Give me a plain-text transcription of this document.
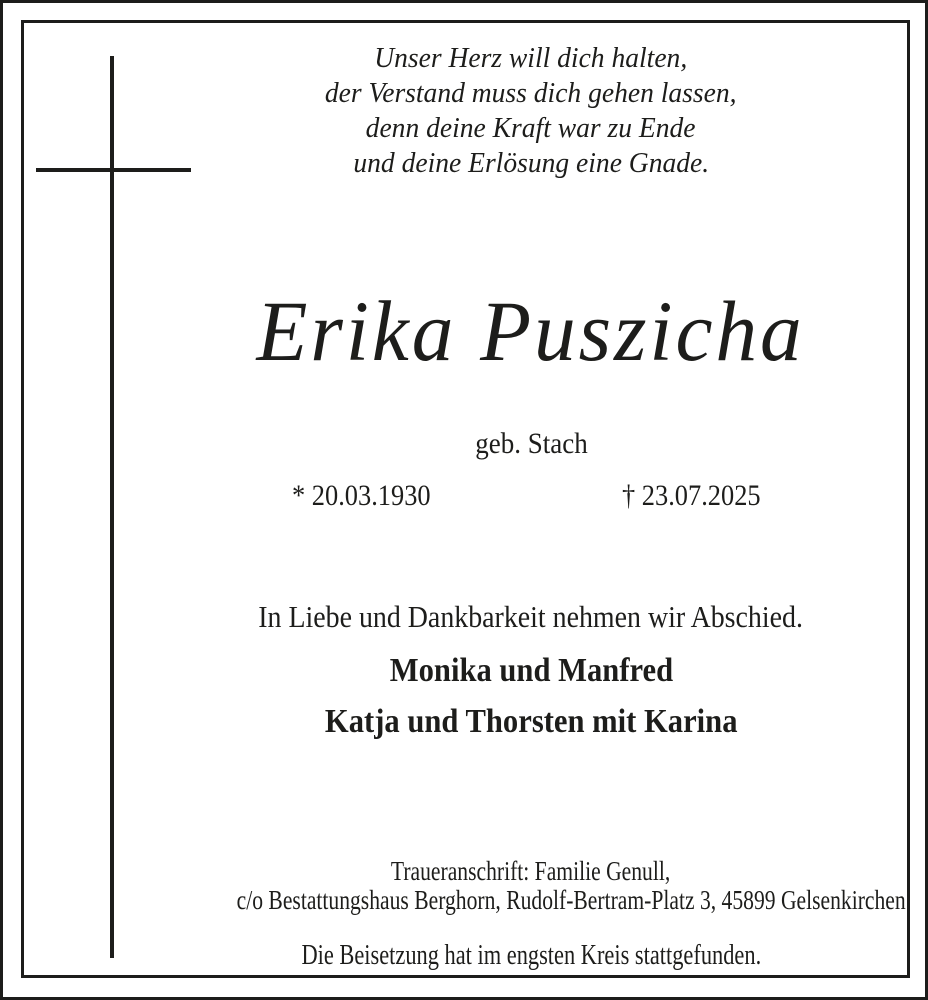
Unser Herz will dich halten,
der Verstand muss dich gehen lassen,
denn deine Kraft war zu Ende
und deine Erlösung eine Gnade.
Erika Puszicha
geb. Stach
* 20.03.1930	† 23.07.2025
In Liebe und Dankbarkeit nehmen wir Abschied.
Monika und Manfred
Katja und Thorsten mit Karina
Traueranschrift: Familie Genull,
c/o Bestattungshaus Berghorn, Rudolf-Bertram-Platz 3, 45899 Gelsenkirchen
Die Beisetzung hat im engsten Kreis stattgefunden.
